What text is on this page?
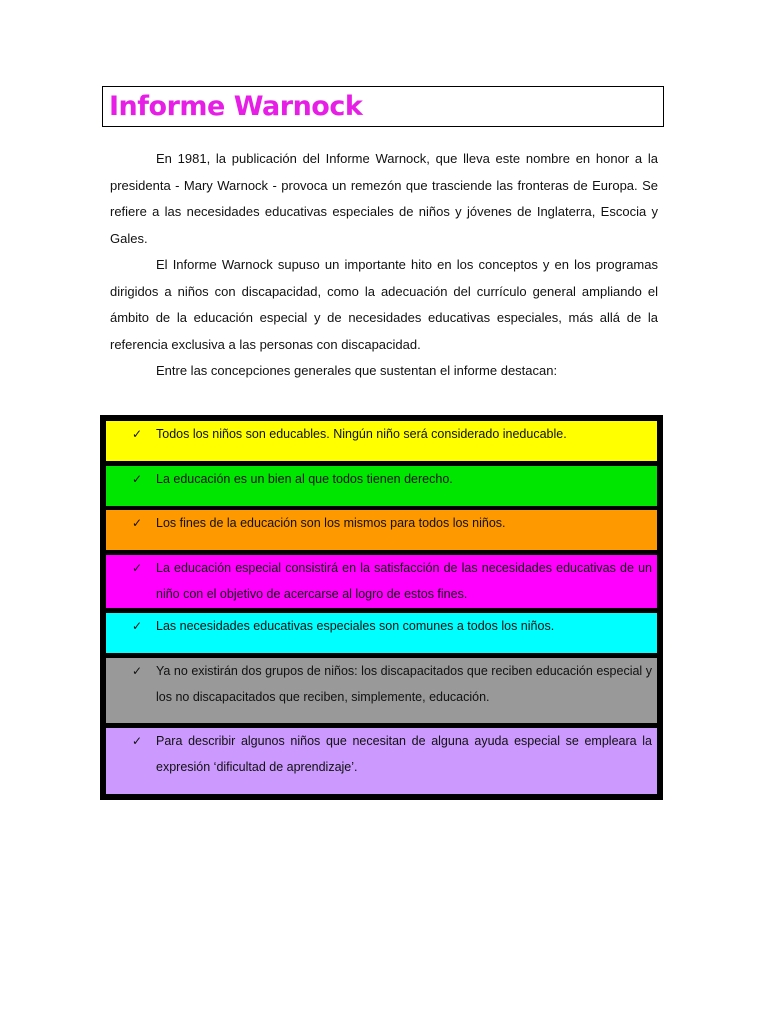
Informe Warnock

En 1981, la publicación del Informe Warnock, que lleva este nombre en honor a la presidenta - Mary Warnock - provoca un remezón que trasciende las fronteras de Europa. Se refiere a las necesidades educativas especiales de niños y jóvenes de Inglaterra, Escocia y Gales.

El Informe Warnock supuso un importante hito en los conceptos y en los programas dirigidos a niños con discapacidad, como la adecuación del currículo general ampliando el ámbito de la educación especial y de necesidades educativas especiales, más allá de la referencia exclusiva a las personas con discapacidad.

Entre las concepciones generales que sustentan el informe destacan:

✓ Todos los niños son educables. Ningún niño será considerado ineducable.
✓ La educación es un bien al que todos tienen derecho.
✓ Los fines de la educación son los mismos para todos los niños.
✓ La educación especial consistirá en la satisfacción de las necesidades educativas de un niño con el objetivo de acercarse al logro de estos fines.
✓ Las necesidades educativas especiales son comunes a todos los niños.
✓ Ya no existirán dos grupos de niños: los discapacitados que reciben educación especial y los no discapacitados que reciben, simplemente, educación.
✓ Para describir algunos niños que necesitan de alguna ayuda especial se empleara la expresión ‘dificultad de aprendizaje’.
